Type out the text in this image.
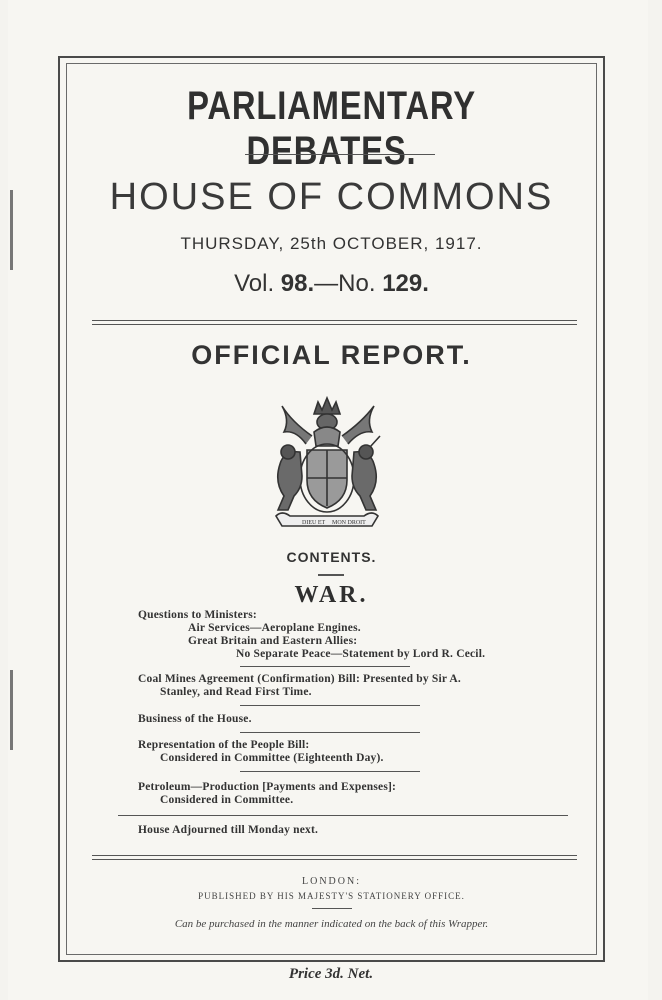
PARLIAMENTARY DEBATES.
HOUSE OF COMMONS
THURSDAY, 25th OCTOBER, 1917.
Vol. 98.—No. 129.
OFFICIAL REPORT.
DIEU ET MON DROIT
CONTENTS.
WAR.
Questions to Ministers:
Air Services—Aeroplane Engines.
Great Britain and Eastern Allies:
No Separate Peace—Statement by Lord R. Cecil.
Coal Mines Agreement (Confirmation) Bill: Presented by Sir A.
Stanley, and Read First Time.
Business of the House.
Representation of the People Bill:
Considered in Committee (Eighteenth Day).
Petroleum—Production [Payments and Expenses]:
Considered in Committee.
House Adjourned till Monday next.
LONDON:
PUBLISHED BY HIS MAJESTY'S STATIONERY OFFICE.
Can be purchased in the manner indicated on the back of this Wrapper.
Price 3d. Net.
